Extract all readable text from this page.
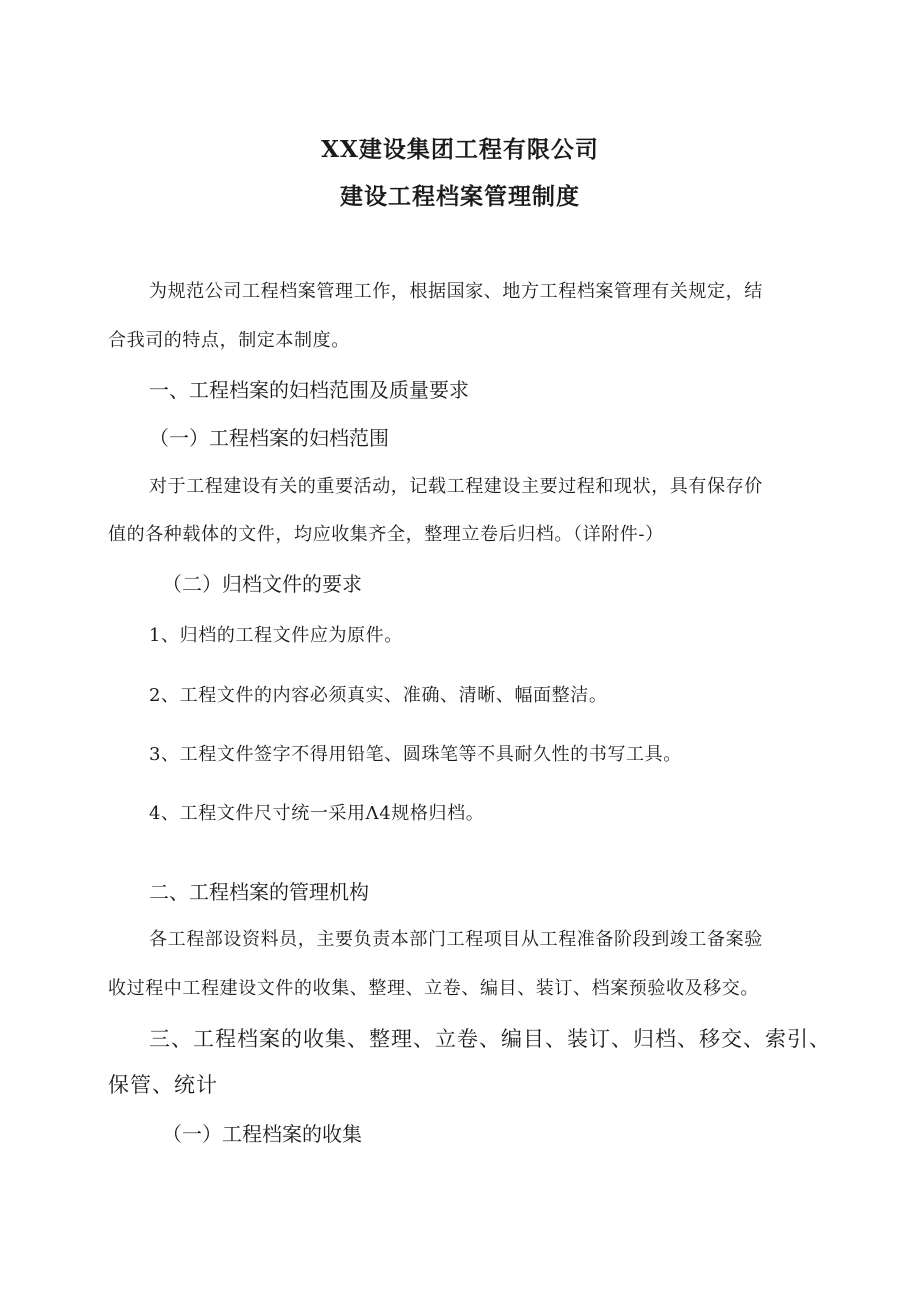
XX建设集团工程有限公司
建设工程档案管理制度

为规范公司工程档案管理工作，根据国家、地方工程档案管理有关规定，结

合我司的特点，制定本制度。

一、工程档案的妇档范围及质量要求
（一）工程档案的妇档范围

对于工程建设有关的重要活动，记载工程建设主要过程和现状，具有保存价

值的各种载体的文件，均应收集齐全，整理立卷后归档。（详附件-）

（二）归档文件的要求

1、归档的工程文件应为原件。

2、工程文件的内容必须真实、准确、清晰、幅面整洁。

3、工程文件签字不得用铅笔、圆珠笔等不具耐久性的书写工具。

4、工程文件尺寸统一采用Λ4规格归档。

二、工程档案的管理机构

各工程部设资料员，主要负责本部门工程项目从工程准备阶段到竣工备案验

收过程中工程建设文件的收集、整理、立卷、编目、装订、档案预验收及移交。

三、工程档案的收集、整理、立卷、编目、装订、归档、移交、索引、
保管、统计
（一）工程档案的收集
